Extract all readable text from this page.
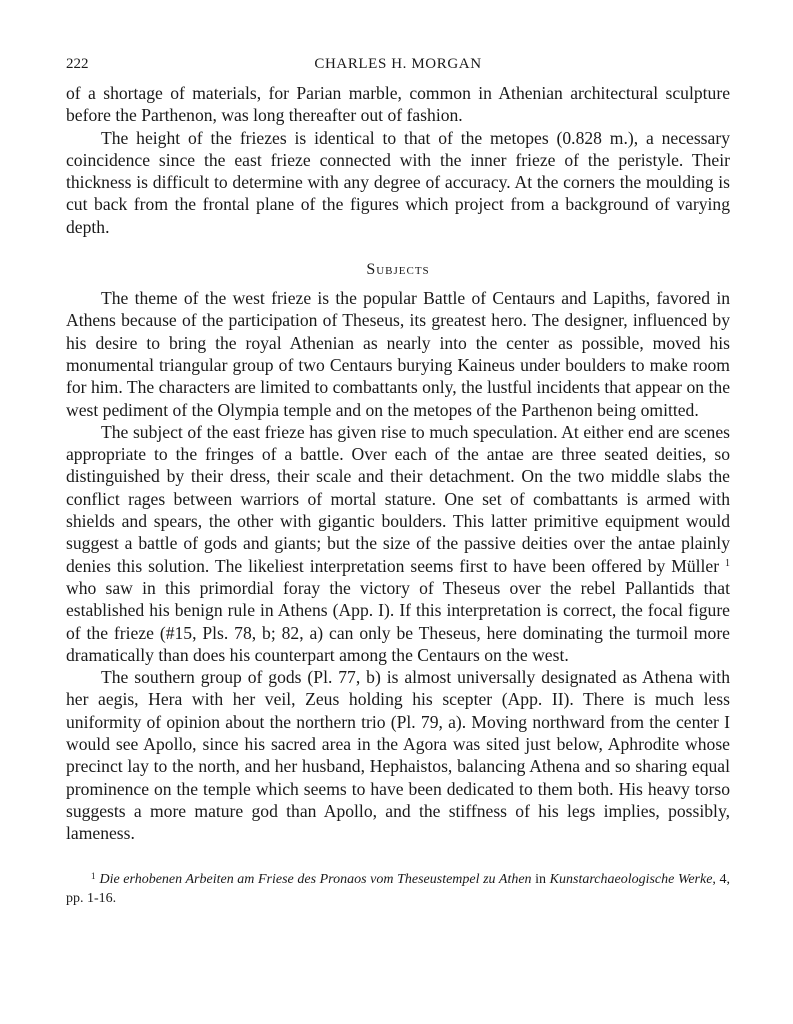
222	CHARLES H. MORGAN

of a shortage of materials, for Parian marble, common in Athenian architectural sculpture before the Parthenon, was long thereafter out of fashion.

The height of the friezes is identical to that of the metopes (0.828 m.), a necessary coincidence since the east frieze connected with the inner frieze of the peristyle. Their thickness is difficult to determine with any degree of accuracy. At the corners the moulding is cut back from the frontal plane of the figures which project from a background of varying depth.

Subjects

The theme of the west frieze is the popular Battle of Centaurs and Lapiths, favored in Athens because of the participation of Theseus, its greatest hero. The designer, influenced by his desire to bring the royal Athenian as nearly into the center as possible, moved his monumental triangular group of two Centaurs burying Kaineus under boulders to make room for him. The characters are limited to combattants only, the lustful incidents that appear on the west pediment of the Olympia temple and on the metopes of the Parthenon being omitted.

The subject of the east frieze has given rise to much speculation. At either end are scenes appropriate to the fringes of a battle. Over each of the antae are three seated deities, so distinguished by their dress, their scale and their detachment. On the two middle slabs the conflict rages between warriors of mortal stature. One set of combattants is armed with shields and spears, the other with gigantic boulders. This latter primitive equipment would suggest a battle of gods and giants; but the size of the passive deities over the antae plainly denies this solution. The likeliest interpretation seems first to have been offered by Müller $^1$ who saw in this primordial foray the victory of Theseus over the rebel Pallantids that established his benign rule in Athens (App. I). If this interpretation is correct, the focal figure of the frieze (#15, Pls. 78, b; 82, a) can only be Theseus, here dominating the turmoil more dramatically than does his counterpart among the Centaurs on the west.

The southern group of gods (Pl. 77, b) is almost universally designated as Athena with her aegis, Hera with her veil, Zeus holding his scepter (App. II). There is much less uniformity of opinion about the northern trio (Pl. 79, a). Moving northward from the center I would see Apollo, since his sacred area in the Agora was sited just below, Aphrodite whose precinct lay to the north, and her husband, Hephaistos, balancing Athena and so sharing equal prominence on the temple which seems to have been dedicated to them both. His heavy torso suggests a more mature god than Apollo, and the stiffness of his legs implies, possibly, lameness.

$^1$ Die erhobenen Arbeiten am Friese des Pronaos vom Theseustempel zu Athen in Kunstarchaeologische Werke, 4, pp. 1-16.
